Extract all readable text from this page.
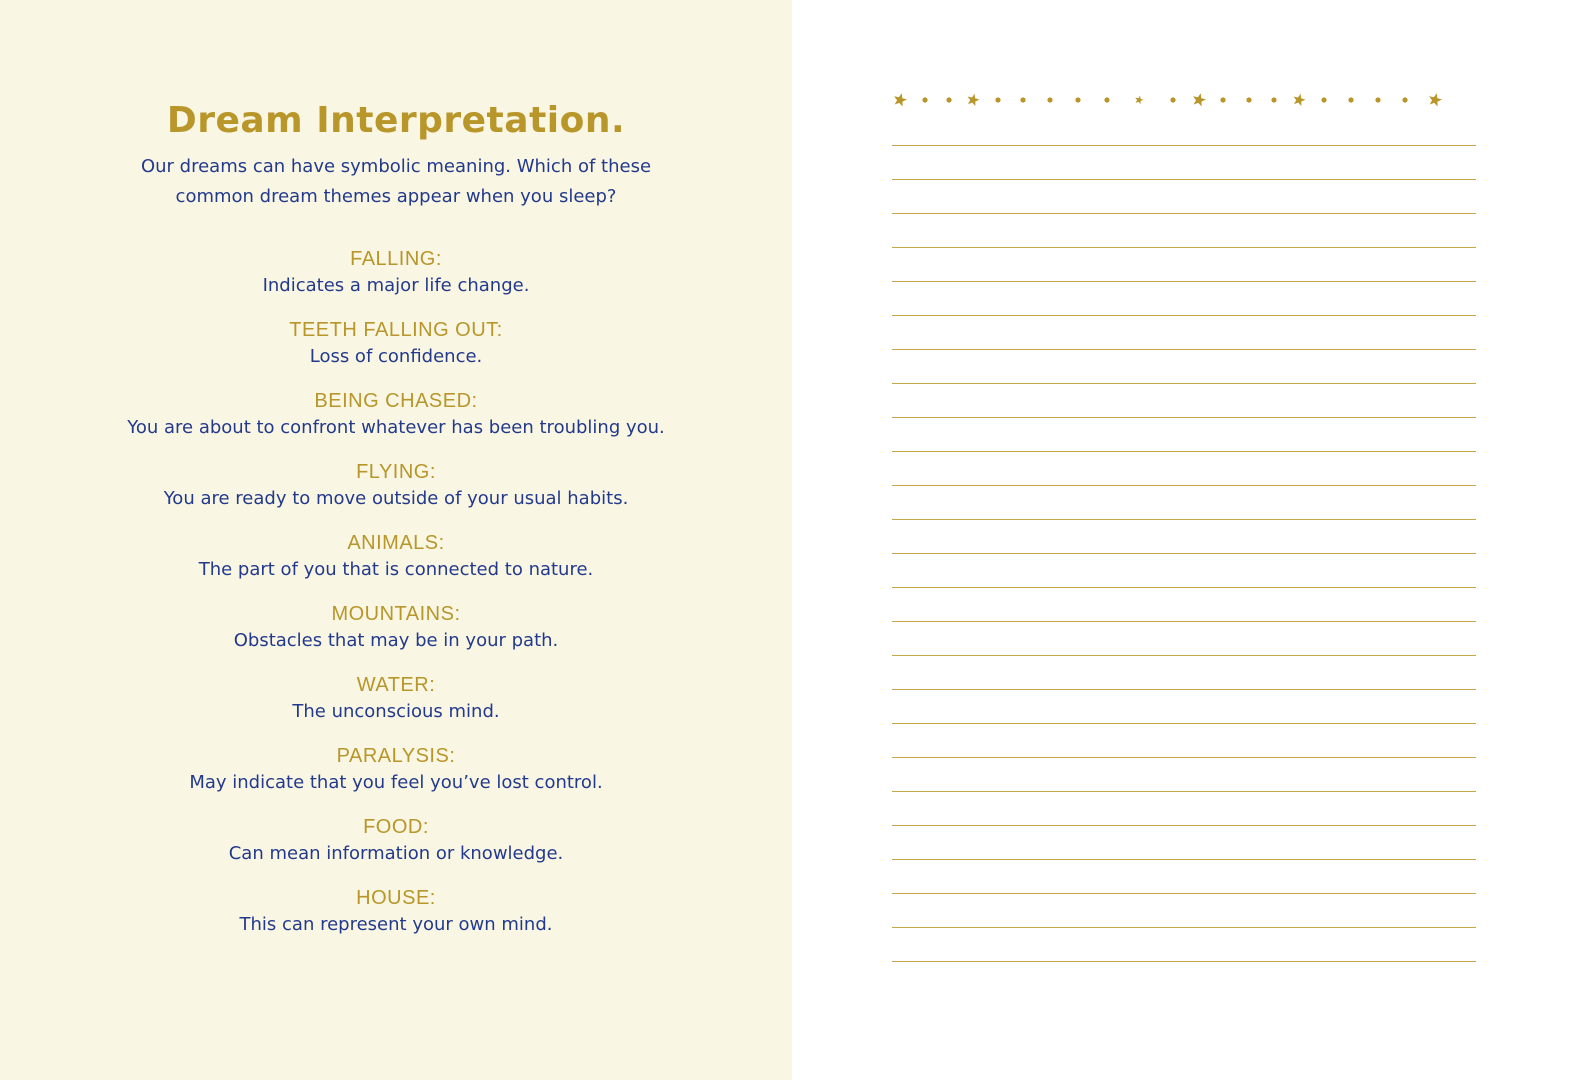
Dream Interpretation.
Our dreams can have symbolic meaning. Which of these
common dream themes appear when you sleep?
FALLING:
Indicates a major life change.
TEETH FALLING OUT:
Loss of confidence.
BEING CHASED:
You are about to confront whatever has been troubling you.
FLYING:
You are ready to move outside of your usual habits.
ANIMALS:
The part of you that is connected to nature.
MOUNTAINS:
Obstacles that may be in your path.
WATER:
The unconscious mind.
PARALYSIS:
May indicate that you feel you’ve lost control.
FOOD:
Can mean information or knowledge.
HOUSE:
This can represent your own mind.
